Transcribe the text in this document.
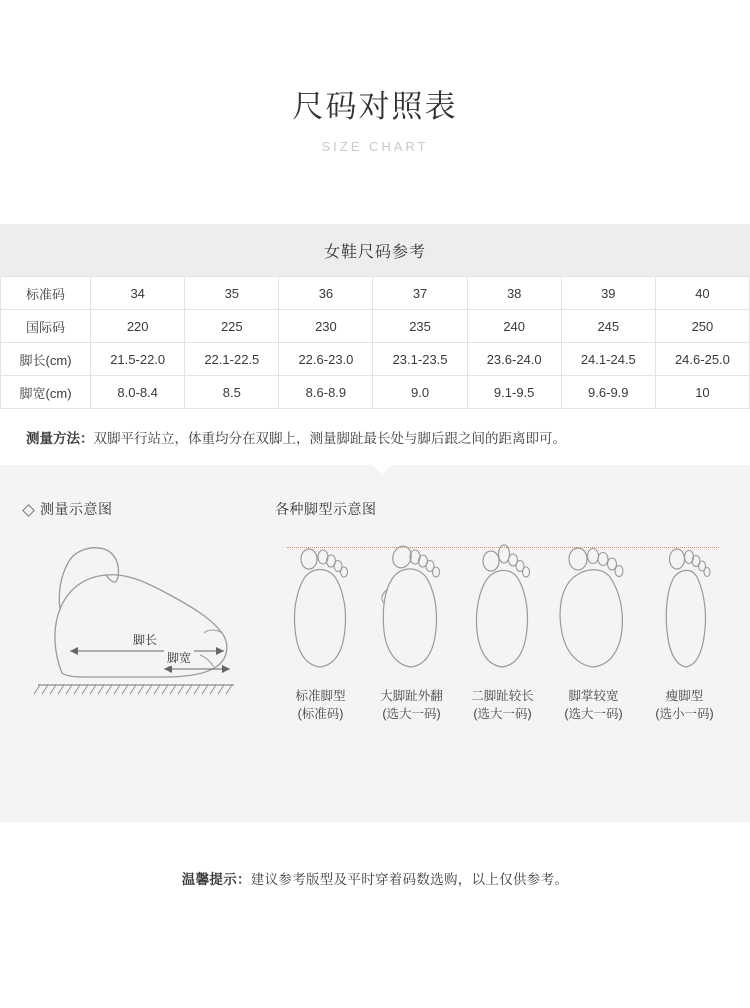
尺码对照表
SIZE CHART
女鞋尺码参考
标准码	34	35	36	37	38	39	40
国际码	220	225	230	235	240	245	250
脚长(cm)	21.5-22.0	22.1-22.5	22.6-23.0	23.1-23.5	23.6-24.0	24.1-24.5	24.6-25.0
脚宽(cm)	8.0-8.4	8.5	8.6-8.9	9.0	9.1-9.5	9.6-9.9	10
测量方法： 双脚平行站立，体重均分在双脚上，测量脚趾最长处与脚后跟之间的距离即可。
测量示意图
脚长
脚宽
各种脚型示意图
标准脚型
(标准码)
大脚趾外翻
(选大一码)
二脚趾较长
(选大一码)
脚掌较宽
(选大一码)
瘦脚型
(选小一码)
温馨提示：建议参考版型及平时穿着码数选购，以上仅供参考。
